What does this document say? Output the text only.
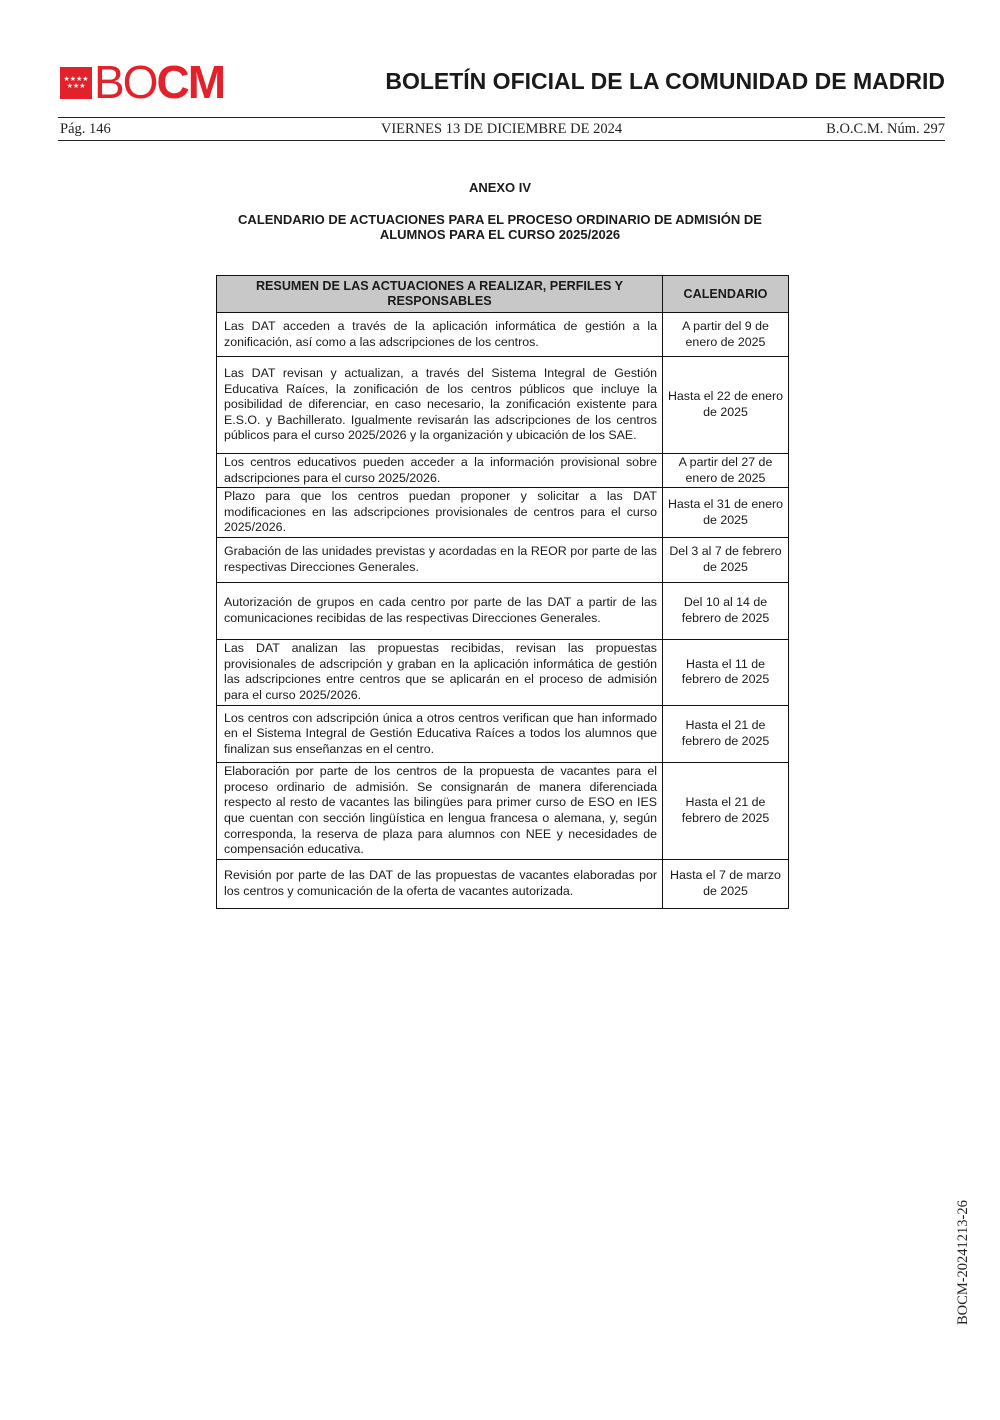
★★★★
★★★ BOCM	BOLETÍN OFICIAL DE LA COMUNIDAD DE MADRID
Pág. 146	VIERNES 13 DE DICIEMBRE DE 2024	B.O.C.M. Núm. 297
ANEXO IV
CALENDARIO DE ACTUACIONES PARA EL PROCESO ORDINARIO DE ADMISIÓN DE ALUMNOS PARA EL CURSO 2025/2026
RESUMEN DE LAS ACTUACIONES A REALIZAR, PERFILES Y RESPONSABLES	CALENDARIO
Las DAT acceden a través de la aplicación informática de gestión a la zonificación, así como a las adscripciones de los centros.	A partir del 9 de enero de 2025
Las DAT revisan y actualizan, a través del Sistema Integral de Gestión Educativa Raíces, la zonificación de los centros públicos que incluye la posibilidad de diferenciar, en caso necesario, la zonificación existente para E.S.O. y Bachillerato. Igualmente revisarán las adscripciones de los centros públicos para el curso 2025/2026 y la organización y ubicación de los SAE.	Hasta el 22 de enero de 2025
Los centros educativos pueden acceder a la información provisional sobre adscripciones para el curso 2025/2026.	A partir del 27 de enero de 2025
Plazo para que los centros puedan proponer y solicitar a las DAT modificaciones en las adscripciones provisionales de centros para el curso 2025/2026.	Hasta el 31 de enero de 2025
Grabación de las unidades previstas y acordadas en la REOR por parte de las respectivas Direcciones Generales.	Del 3 al 7 de febrero de 2025
Autorización de grupos en cada centro por parte de las DAT a partir de las comunicaciones recibidas de las respectivas Direcciones Generales.	Del 10 al 14 de febrero de 2025
Las DAT analizan las propuestas recibidas, revisan las propuestas provisionales de adscripción y graban en la aplicación informática de gestión las adscripciones entre centros que se aplicarán en el proceso de admisión para el curso 2025/2026.	Hasta el 11 de febrero de 2025
Los centros con adscripción única a otros centros verifican que han informado en el Sistema Integral de Gestión Educativa Raíces a todos los alumnos que finalizan sus enseñanzas en el centro.	Hasta el 21 de febrero de 2025
Elaboración por parte de los centros de la propuesta de vacantes para el proceso ordinario de admisión. Se consignarán de manera diferenciada respecto al resto de vacantes las bilingües para primer curso de ESO en IES que cuentan con sección lingüística en lengua francesa o alemana, y, según corresponda, la reserva de plaza para alumnos con NEE y necesidades de compensación educativa.	Hasta el 21 de febrero de 2025
Revisión por parte de las DAT de las propuestas de vacantes elaboradas por los centros y comunicación de la oferta de vacantes autorizada.	Hasta el 7 de marzo de 2025
BOCM-20241213-26
